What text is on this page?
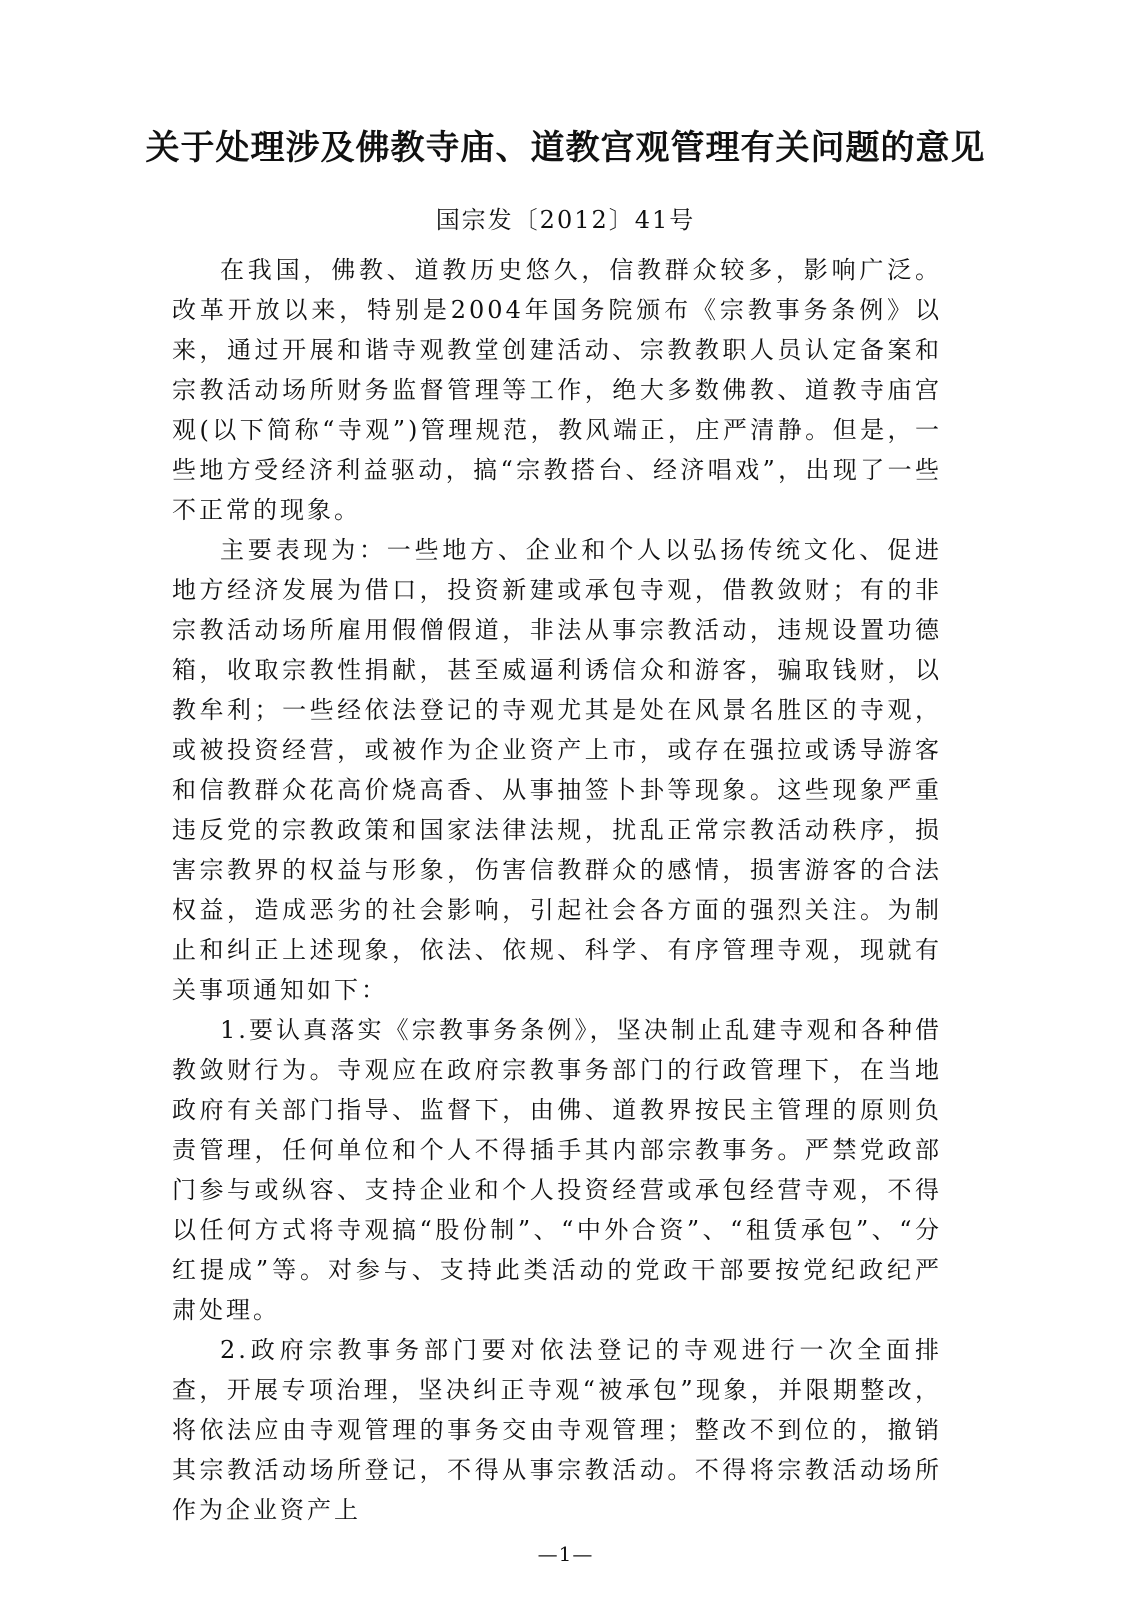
关于处理涉及佛教寺庙、道教宫观管理有关问题的意见
国宗发〔2012〕41号

在我国，佛教、道教历史悠久，信教群众较多，影响广泛。改革开放以来，特别是2004年国务院颁布《宗教事务条例》以来，通过开展和谐寺观教堂创建活动、宗教教职人员认定备案和宗教活动场所财务监督管理等工作，绝大多数佛教、道教寺庙宫观(以下简称“寺观”)管理规范，教风端正，庄严清静。但是，一些地方受经济利益驱动，搞“宗教搭台、经济唱戏”，出现了一些不正常的现象。

主要表现为：一些地方、企业和个人以弘扬传统文化、促进地方经济发展为借口，投资新建或承包寺观，借教敛财；有的非宗教活动场所雇用假僧假道，非法从事宗教活动，违规设置功德箱，收取宗教性捐献，甚至威逼利诱信众和游客，骗取钱财，以教牟利；一些经依法登记的寺观尤其是处在风景名胜区的寺观，或被投资经营，或被作为企业资产上市，或存在强拉或诱导游客和信教群众花高价烧高香、从事抽签卜卦等现象。这些现象严重违反党的宗教政策和国家法律法规，扰乱正常宗教活动秩序，损害宗教界的权益与形象，伤害信教群众的感情，损害游客的合法权益，造成恶劣的社会影响，引起社会各方面的强烈关注。为制止和纠正上述现象，依法、依规、科学、有序管理寺观，现就有关事项通知如下：

1.要认真落实《宗教事务条例》，坚决制止乱建寺观和各种借教敛财行为。寺观应在政府宗教事务部门的行政管理下，在当地政府有关部门指导、监督下，由佛、道教界按民主管理的原则负责管理，任何单位和个人不得插手其内部宗教事务。严禁党政部门参与或纵容、支持企业和个人投资经营或承包经营寺观，不得以任何方式将寺观搞“股份制”、“中外合资”、“租赁承包”、“分红提成”等。对参与、支持此类活动的党政干部要按党纪政纪严肃处理。

2.政府宗教事务部门要对依法登记的寺观进行一次全面排查，开展专项治理，坚决纠正寺观“被承包”现象，并限期整改，将依法应由寺观管理的事务交由寺观管理；整改不到位的，撤销其宗教活动场所登记，不得从事宗教活动。不得将宗教活动场所作为企业资产上

—1—
